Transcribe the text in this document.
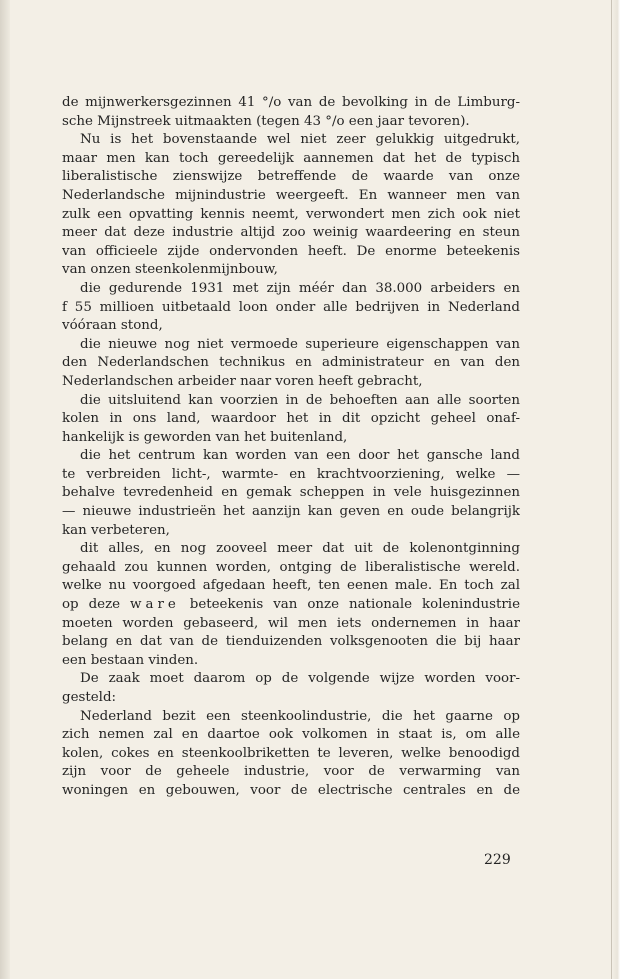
de mijnwerkersgezinnen 41 °/o van de bevolking in de Limburg-
sche Mijnstreek uitmaakten (tegen 43 °/o een jaar tevoren).
Nu is het bovenstaande wel niet zeer gelukkig uitgedrukt,
maar men kan toch gereedelijk aannemen dat het de typisch
liberalistische zienswijze betreffende de waarde van onze
Nederlandsche mijnindustrie weergeeft. En wanneer men van
zulk een opvatting kennis neemt, verwondert men zich ook niet
meer dat deze industrie altijd zoo weinig waardeering en steun
van officieele zijde ondervonden heeft. De enorme beteekenis
van onzen steenkolenmijnbouw,
die gedurende 1931 met zijn méér dan 38.000 arbeiders en
f 55 millioen uitbetaald loon onder alle bedrijven in Nederland
vóóraan stond,
die nieuwe nog niet vermoede superieure eigenschappen van
den Nederlandschen technikus en administrateur en van den
Nederlandschen arbeider naar voren heeft gebracht,
die uitsluitend kan voorzien in de behoeften aan alle soorten
kolen in ons land, waardoor het in dit opzicht geheel onaf-
hankelijk is geworden van het buitenland,
die het centrum kan worden van een door het gansche land
te verbreiden licht-, warmte- en krachtvoorziening, welke —
behalve tevredenheid en gemak scheppen in vele huisgezinnen
— nieuwe industrieën het aanzijn kan geven en oude belangrijk
kan verbeteren,
dit alles, en nog zooveel meer dat uit de kolenontginning
gehaald zou kunnen worden, ontging de liberalistische wereld.
welke nu voorgoed afgedaan heeft, ten eenen male. En toch zal
op deze ware beteekenis van onze nationale kolenindustrie
moeten worden gebaseerd, wil men iets ondernemen in haar
belang en dat van de tienduizenden volksgenooten die bij haar
een bestaan vinden.
De zaak moet daarom op de volgende wijze worden voor-
gesteld:
Nederland bezit een steenkoolindustrie, die het gaarne op
zich nemen zal en daartoe ook volkomen in staat is, om alle
kolen, cokes en steenkoolbriketten te leveren, welke benoodigd
zijn voor de geheele industrie, voor de verwarming van
woningen en gebouwen, voor de electrische centrales en de
229
